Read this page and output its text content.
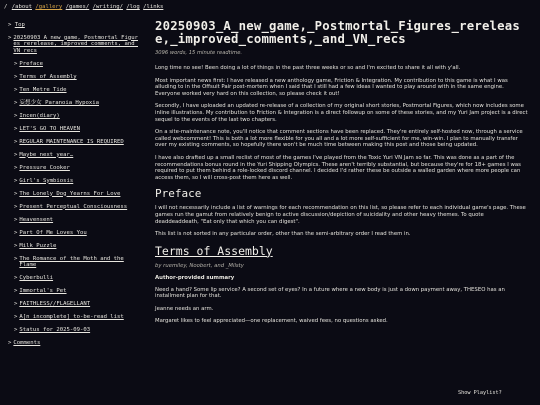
/ /about /gallery /games/ /writing/ /log /links
> Top
> 20250903_A_new_game,_Postmortal_Figures_rerelease,_improved_comments,_and_VN_recs
> Preface
> Terms of Assembly
> Ten Metre Tide
> 妄想少女 Paranoia Hypoxia
> Incen(diary)
> LET'S GO TO HEAVEN
> REGULAR MAINTENANCE IS REQUIRED
> Maybe next year…
> Pressure Cooker
> Girl's Symbiosis
> The Lonely Dog Yearns For Love
> Present Perceptual Consciousness
> Heavensent
> Part Of Me Loves You
> Milk Puzzle
> The Romance of the Moth and the Flame
> Cyberbulli
> Immortal's Pet
> FAITHLESS//FLAGELLANT
> A[n incomplete] to-be-read list
> Status for 2025-09-03
> Comments
20250903_A_new_game,_Postmortal_Figures_rerelease,_improved_comments,_and_VN_recs
3096 words, 15 minute readtime.

Long time no see! Been doing a lot of things in the past three weeks or so and I'm excited to share it all with y'all.

Most important news first: I have released a new anthology game, Friction & Integration. My contribution to this game is what I was alluding to in the Offsuit Pair post-mortem when I said that I still had a few ideas I wanted to play around with in the same engine. Everyone worked very hard on this collection, so please check it out!

Secondly, I have uploaded an updated re-release of a collection of my original short stories, Postmortal Figures, which now includes some inline illustrations. My contribution to Friction & Integration is a direct followup on some of these stories, and my Yuri Jam project is a direct sequel to the events of the last two chapters.

On a site-maintenance note, you'll notice that comment sections have been replaced. They're entirely self-hosted now, through a service called webcomment! This is both a lot more flexible for you all and a lot more self-sufficient for me, win-win. I plan to manually transfer over my existing comments, so hopefully there won't be much time between making this post and those being updated.

I have also drafted up a small reclist of most of the games I've played from the Toxic Yuri VN Jam so far. This was done as a part of the recommendations bonus round in the Yuri Shipping Olympics. These aren't terribly substantial, but because they're for 18+ games I was required to put them behind a role-locked discord channel. I decided I'd rather these be outside a walled garden where more people can access them, so I will cross-post them here as well.

Preface

I will not necessarily include a list of warnings for each recommendation on this list, so please refer to each individual game's page. These games run the gamut from relatively benign to active discussion/depiction of suicidality and other heavy themes. To quote deaddeaddeath, "Eat only that which you can digest".

This list is not sorted in any particular order, other than the semi-arbitrary order I read them in.

Terms of Assembly
by ruemiley, Noobert, and _Milsty
Author-provided summary

Need a hand? Some lip service? A second set of eyes? In a future where a new body is just a down payment away, THESEO has an installment plan for that.

Jeanne needs an arm.

Margaret likes to feel appreciated—one replacement, waived fees, no questions asked.

Show Playlist?
